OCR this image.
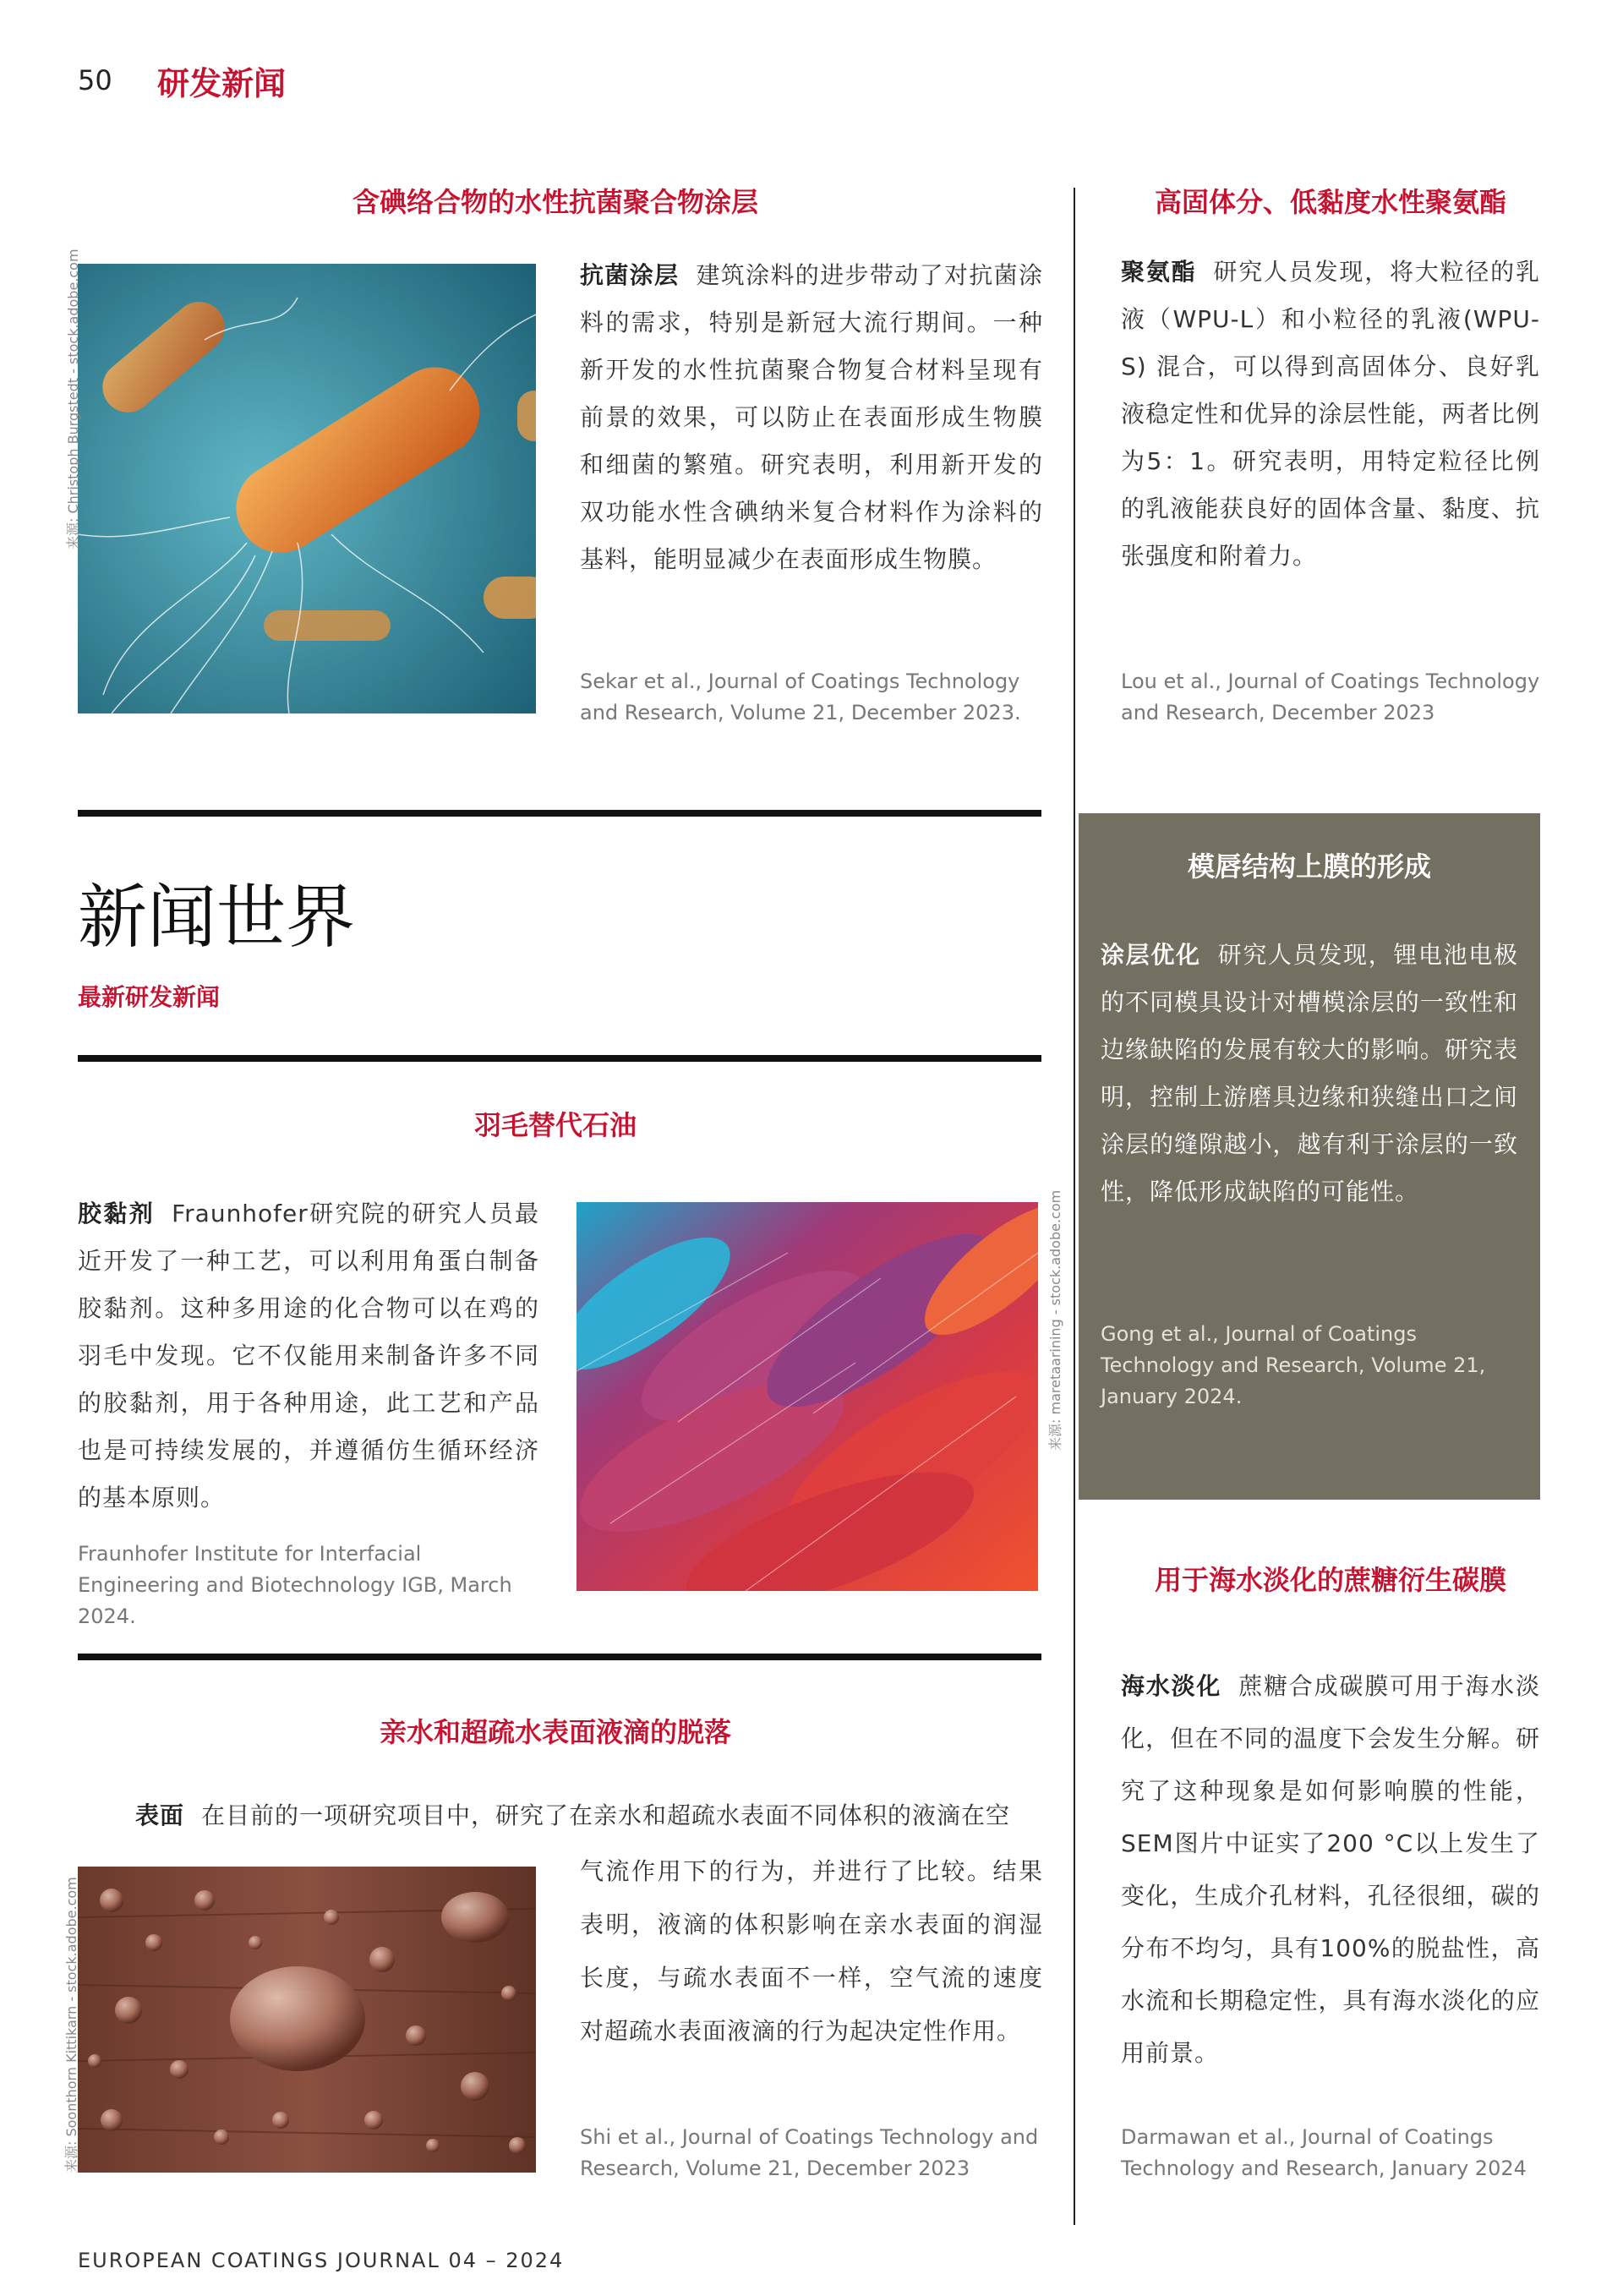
50 研发新闻
含碘络合物的水性抗菌聚合物涂层
来源: Christoph Burgstedt - stock.adobe.com	抗菌涂层 建筑涂料的进步带动了对抗菌涂料的需求，特别是新冠大流行期间。一种新开发的水性抗菌聚合物复合材料呈现有前景的效果，可以防止在表面形成生物膜和细菌的繁殖。研究表明，利用新开发的双功能水性含碘纳米复合材料作为涂料的基料，能明显减少在表面形成生物膜。
Sekar et al., Journal of Coatings Technology and Research, Volume 21, December 2023.
高固体分、低黏度水性聚氨酯
聚氨酯 研究人员发现，将大粒径的乳液（WPU-L）和小粒径的乳液(WPU-S) 混合，可以得到高固体分、良好乳液稳定性和优异的涂层性能，两者比例为5：1。研究表明，用特定粒径比例的乳液能获良好的固体含量、黏度、抗张强度和附着力。
Lou et al., Journal of Coatings Technology and Research, December 2023
新闻世界
最新研发新闻
模唇结构上膜的形成
涂层优化 研究人员发现，锂电池电极的不同模具设计对槽模涂层的一致性和边缘缺陷的发展有较大的影响。研究表明，控制上游磨具边缘和狭缝出口之间涂层的缝隙越小，越有利于涂层的一致性，降低形成缺陷的可能性。
Gong et al., Journal of Coatings Technology and Research, Volume 21, January 2024.
羽毛替代石油
胶黏剂 Fraunhofer研究院的研究人员最近开发了一种工艺，可以利用角蛋白制备胶黏剂。这种多用途的化合物可以在鸡的羽毛中发现。它不仅能用来制备许多不同的胶黏剂，用于各种用途，此工艺和产品也是可持续发展的，并遵循仿生循环经济的基本原则。
Fraunhofer Institute for Interfacial Engineering and Biotechnology IGB, March 2024.
来源: maretaarining - stock.adobe.com
用于海水淡化的蔗糖衍生碳膜
海水淡化 蔗糖合成碳膜可用于海水淡化，但在不同的温度下会发生分解。研究了这种现象是如何影响膜的性能，SEM图片中证实了200 °C以上发生了变化，生成介孔材料，孔径很细，碳的分布不均匀，具有100%的脱盐性，高水流和长期稳定性，具有海水淡化的应用前景。
Darmawan et al., Journal of Coatings Technology and Research, January 2024
亲水和超疏水表面液滴的脱落
表面 在目前的一项研究项目中，研究了在亲水和超疏水表面不同体积的液滴在空
气流作用下的行为，并进行了比较。结果表明，液滴的体积影响在亲水表面的润湿长度，与疏水表面不一样，空气流的速度对超疏水表面液滴的行为起决定性作用。
来源: Soonthorn Kittikarn - stock.adobe.com	Shi et al., Journal of Coatings Technology and Research, Volume 21, December 2023
EUROPEAN COATINGS JOURNAL 04 – 2024
